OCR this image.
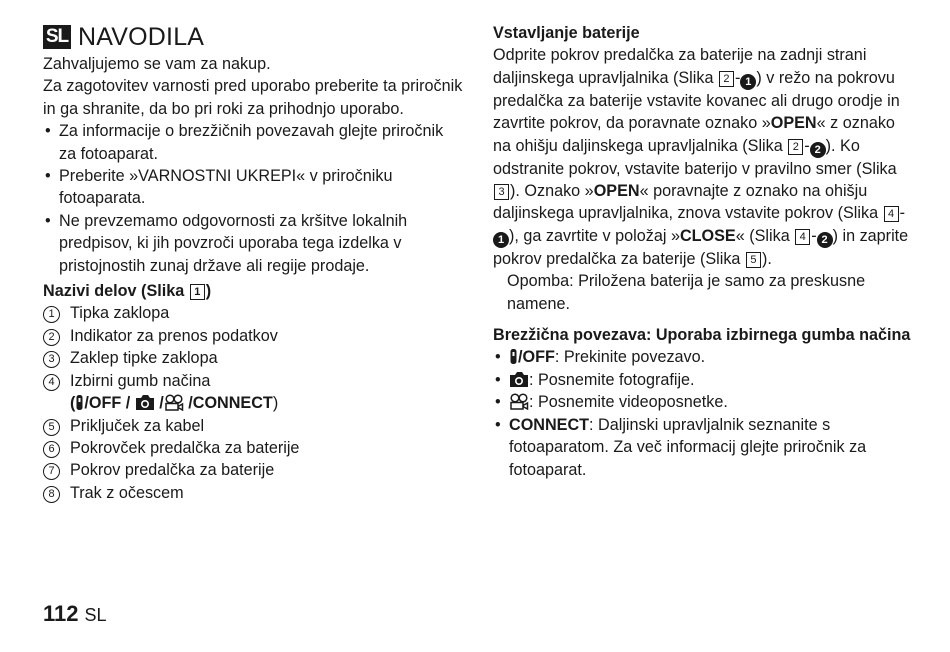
SL NAVODILA

Zahvaljujemo se vam za nakup.

Za zagotovitev varnosti pred uporabo preberite ta priročnik in ga shranite, da bo pri roki za prihodnjo uporabo.

• Za informacije o brezžičnih povezavah glejte priročnik za fotoaparat.
• Preberite »VARNOSTNI UKREPI« v priročniku fotoaparata.
• Ne prevzemamo odgovornosti za kršitve lokalnih predpisov, ki jih povzroči uporaba tega izdelka v pristojnostih zunaj države ali regije prodaje.

Nazivi delov (Slika 1 )

1 Tipka zaklopa
2 Indikator za prenos podatkov
3 Zaklep tipke zaklopa
4 Izbirni gumb načina
( /OFF / / /CONNECT)
5 Priključek za kabel
6 Pokrovček predalčka za baterije
7 Pokrov predalčka za baterije
8 Trak z očescem

Vstavljanje baterije

Odprite pokrov predalčka za baterije na zadnji strani daljinskega upravljalnika (Slika 2 - 1 ) v režo na pokrovu predalčka za baterije vstavite kovanec ali drugo orodje in zavrtite pokrov, da poravnate oznako »OPEN« z oznako na ohišju daljinskega upravljalnika (Slika 2 - 2 ). Ko odstranite pokrov, vstavite baterijo v pravilno smer (Slika 3 ). Oznako »OPEN« poravnajte z oznako na ohišju daljinskega upravljalnika, znova vstavite pokrov (Slika 4 -1 ), ga zavrtite v položaj »CLOSE« (Slika 4 - 2 ) in zaprite pokrov predalčka za baterije (Slika 5 ).

Opomba: Priložena baterija je samo za preskusne namene.

Brezžična povezava: Uporaba izbirnega gumba načina

• /OFF: Prekinite povezavo.
• : Posnemite fotografije.
• : Posnemite videoposnetke.
• CONNECT: Daljinski upravljalnik seznanite s fotoaparatom. Za več informacij glejte priročnik za fotoaparat.
112 SL
